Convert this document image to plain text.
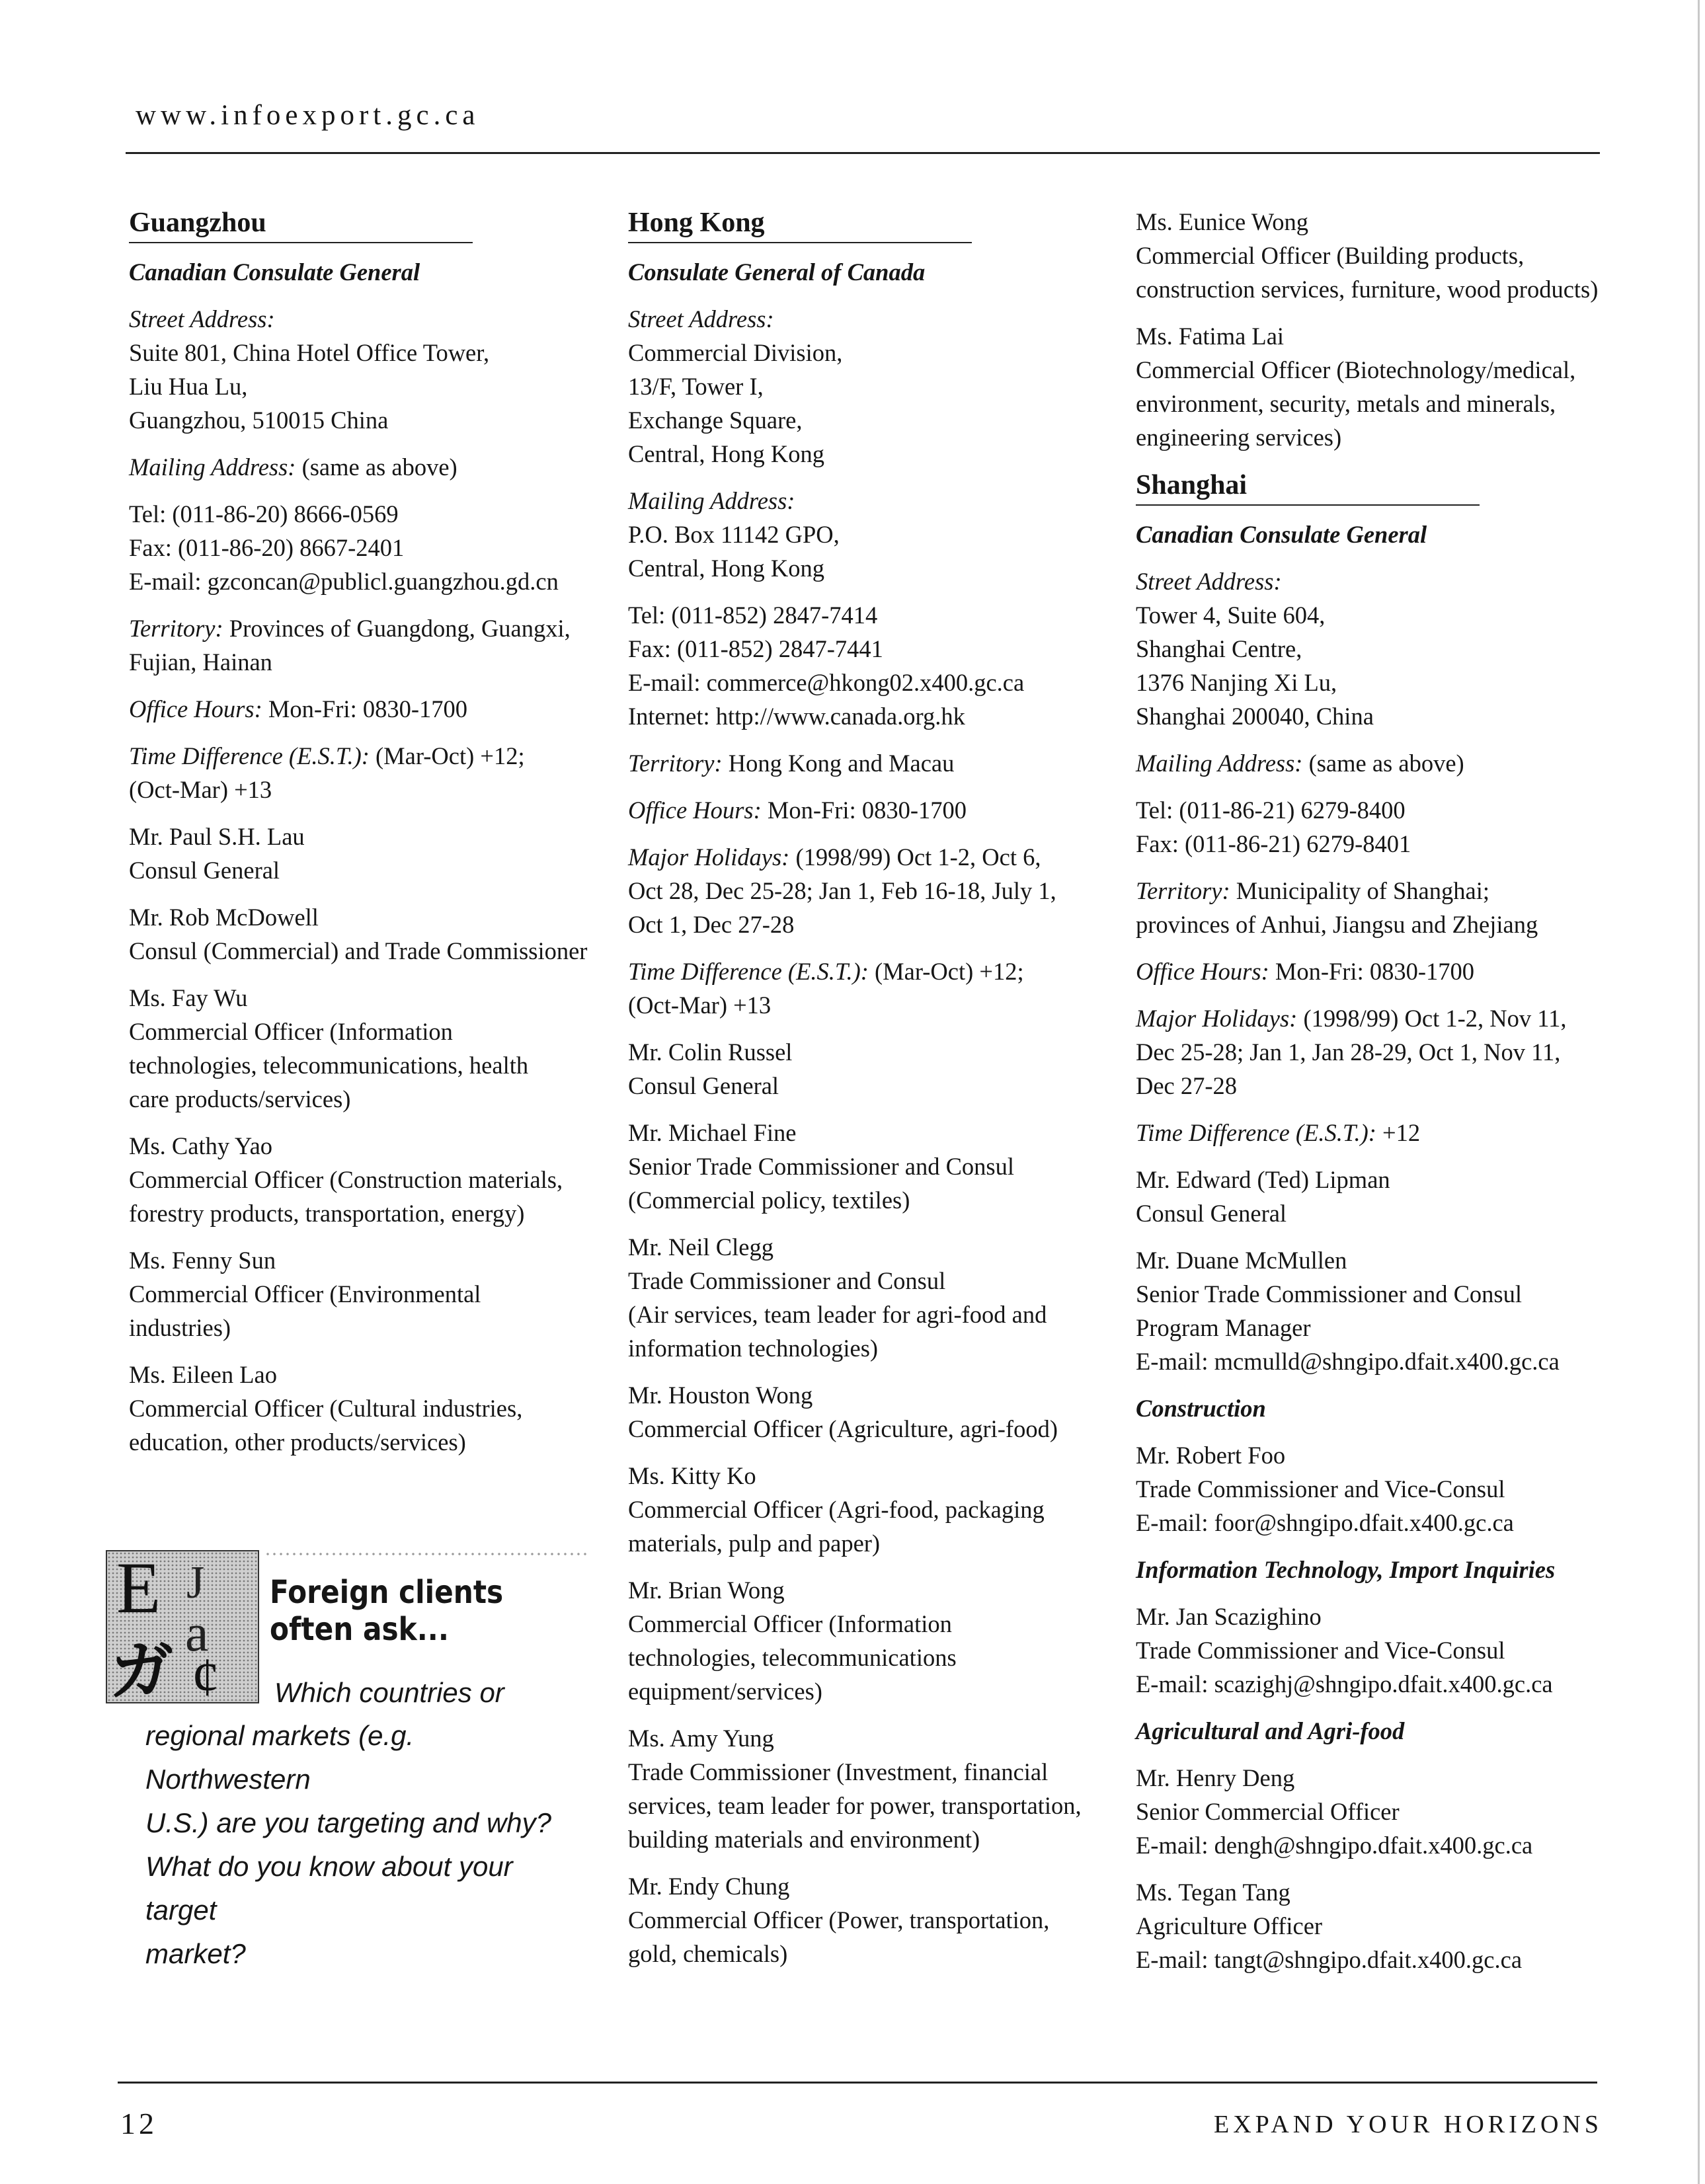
www.infoexport.gc.ca
Guangzhou
Canadian Consulate General
Street Address:
Suite 801, China Hotel Office Tower,
Liu Hua Lu,
Guangzhou, 510015 China
Mailing Address: (same as above)
Tel: (011-86-20) 8666-0569
Fax: (011-86-20) 8667-2401
E-mail: gzconcan@publicl.guangzhou.gd.cn
Territory: Provinces of Guangdong, Guangxi,
Fujian, Hainan
Office Hours: Mon-Fri: 0830-1700
Time Difference (E.S.T.): (Mar-Oct) +12;
(Oct-Mar) +13
Mr. Paul S.H. Lau
Consul General
Mr. Rob McDowell
Consul (Commercial) and Trade Commissioner
Ms. Fay Wu
Commercial Officer (Information
technologies, telecommunications, health
care products/services)
Ms. Cathy Yao
Commercial Officer (Construction materials,
forestry products, transportation, energy)
Ms. Fenny Sun
Commercial Officer (Environmental
industries)
Ms. Eileen Lao
Commercial Officer (Cultural industries,
education, other products/services)
E J
a
ガ ¢
Foreign clients
often ask...
Which countries or
regional markets (e.g. Northwestern
U.S.) are you targeting and why?
What do you know about your target
market?
Hong Kong
Consulate General of Canada
Street Address:
Commercial Division,
13/F, Tower I,
Exchange Square,
Central, Hong Kong
Mailing Address:
P.O. Box 11142 GPO,
Central, Hong Kong
Tel: (011-852) 2847-7414
Fax: (011-852) 2847-7441
E-mail: commerce@hkong02.x400.gc.ca
Internet: http://www.canada.org.hk
Territory: Hong Kong and Macau
Office Hours: Mon-Fri: 0830-1700
Major Holidays: (1998/99) Oct 1-2, Oct 6,
Oct 28, Dec 25-28; Jan 1, Feb 16-18, July 1,
Oct 1, Dec 27-28
Time Difference (E.S.T.): (Mar-Oct) +12;
(Oct-Mar) +13
Mr. Colin Russel
Consul General
Mr. Michael Fine
Senior Trade Commissioner and Consul
(Commercial policy, textiles)
Mr. Neil Clegg
Trade Commissioner and Consul
(Air services, team leader for agri-food and
information technologies)
Mr. Houston Wong
Commercial Officer (Agriculture, agri-food)
Ms. Kitty Ko
Commercial Officer (Agri-food, packaging
materials, pulp and paper)
Mr. Brian Wong
Commercial Officer (Information
technologies, telecommunications
equipment/services)
Ms. Amy Yung
Trade Commissioner (Investment, financial
services, team leader for power, transportation,
building materials and environment)
Mr. Endy Chung
Commercial Officer (Power, transportation,
gold, chemicals)
Ms. Eunice Wong
Commercial Officer (Building products,
construction services, furniture, wood products)
Ms. Fatima Lai
Commercial Officer (Biotechnology/medical,
environment, security, metals and minerals,
engineering services)
Shanghai
Canadian Consulate General
Street Address:
Tower 4, Suite 604,
Shanghai Centre,
1376 Nanjing Xi Lu,
Shanghai 200040, China
Mailing Address: (same as above)
Tel: (011-86-21) 6279-8400
Fax: (011-86-21) 6279-8401
Territory: Municipality of Shanghai;
provinces of Anhui, Jiangsu and Zhejiang
Office Hours: Mon-Fri: 0830-1700
Major Holidays: (1998/99) Oct 1-2, Nov 11,
Dec 25-28; Jan 1, Jan 28-29, Oct 1, Nov 11,
Dec 27-28
Time Difference (E.S.T.): +12
Mr. Edward (Ted) Lipman
Consul General
Mr. Duane McMullen
Senior Trade Commissioner and Consul
Program Manager
E-mail: mcmulld@shngipo.dfait.x400.gc.ca
Construction
Mr. Robert Foo
Trade Commissioner and Vice-Consul
E-mail: foor@shngipo.dfait.x400.gc.ca
Information Technology, Import Inquiries
Mr. Jan Scazighino
Trade Commissioner and Vice-Consul
E-mail: scazighj@shngipo.dfait.x400.gc.ca
Agricultural and Agri-food
Mr. Henry Deng
Senior Commercial Officer
E-mail: dengh@shngipo.dfait.x400.gc.ca
Ms. Tegan Tang
Agriculture Officer
E-mail: tangt@shngipo.dfait.x400.gc.ca
12	EXPAND YOUR HORIZONS
